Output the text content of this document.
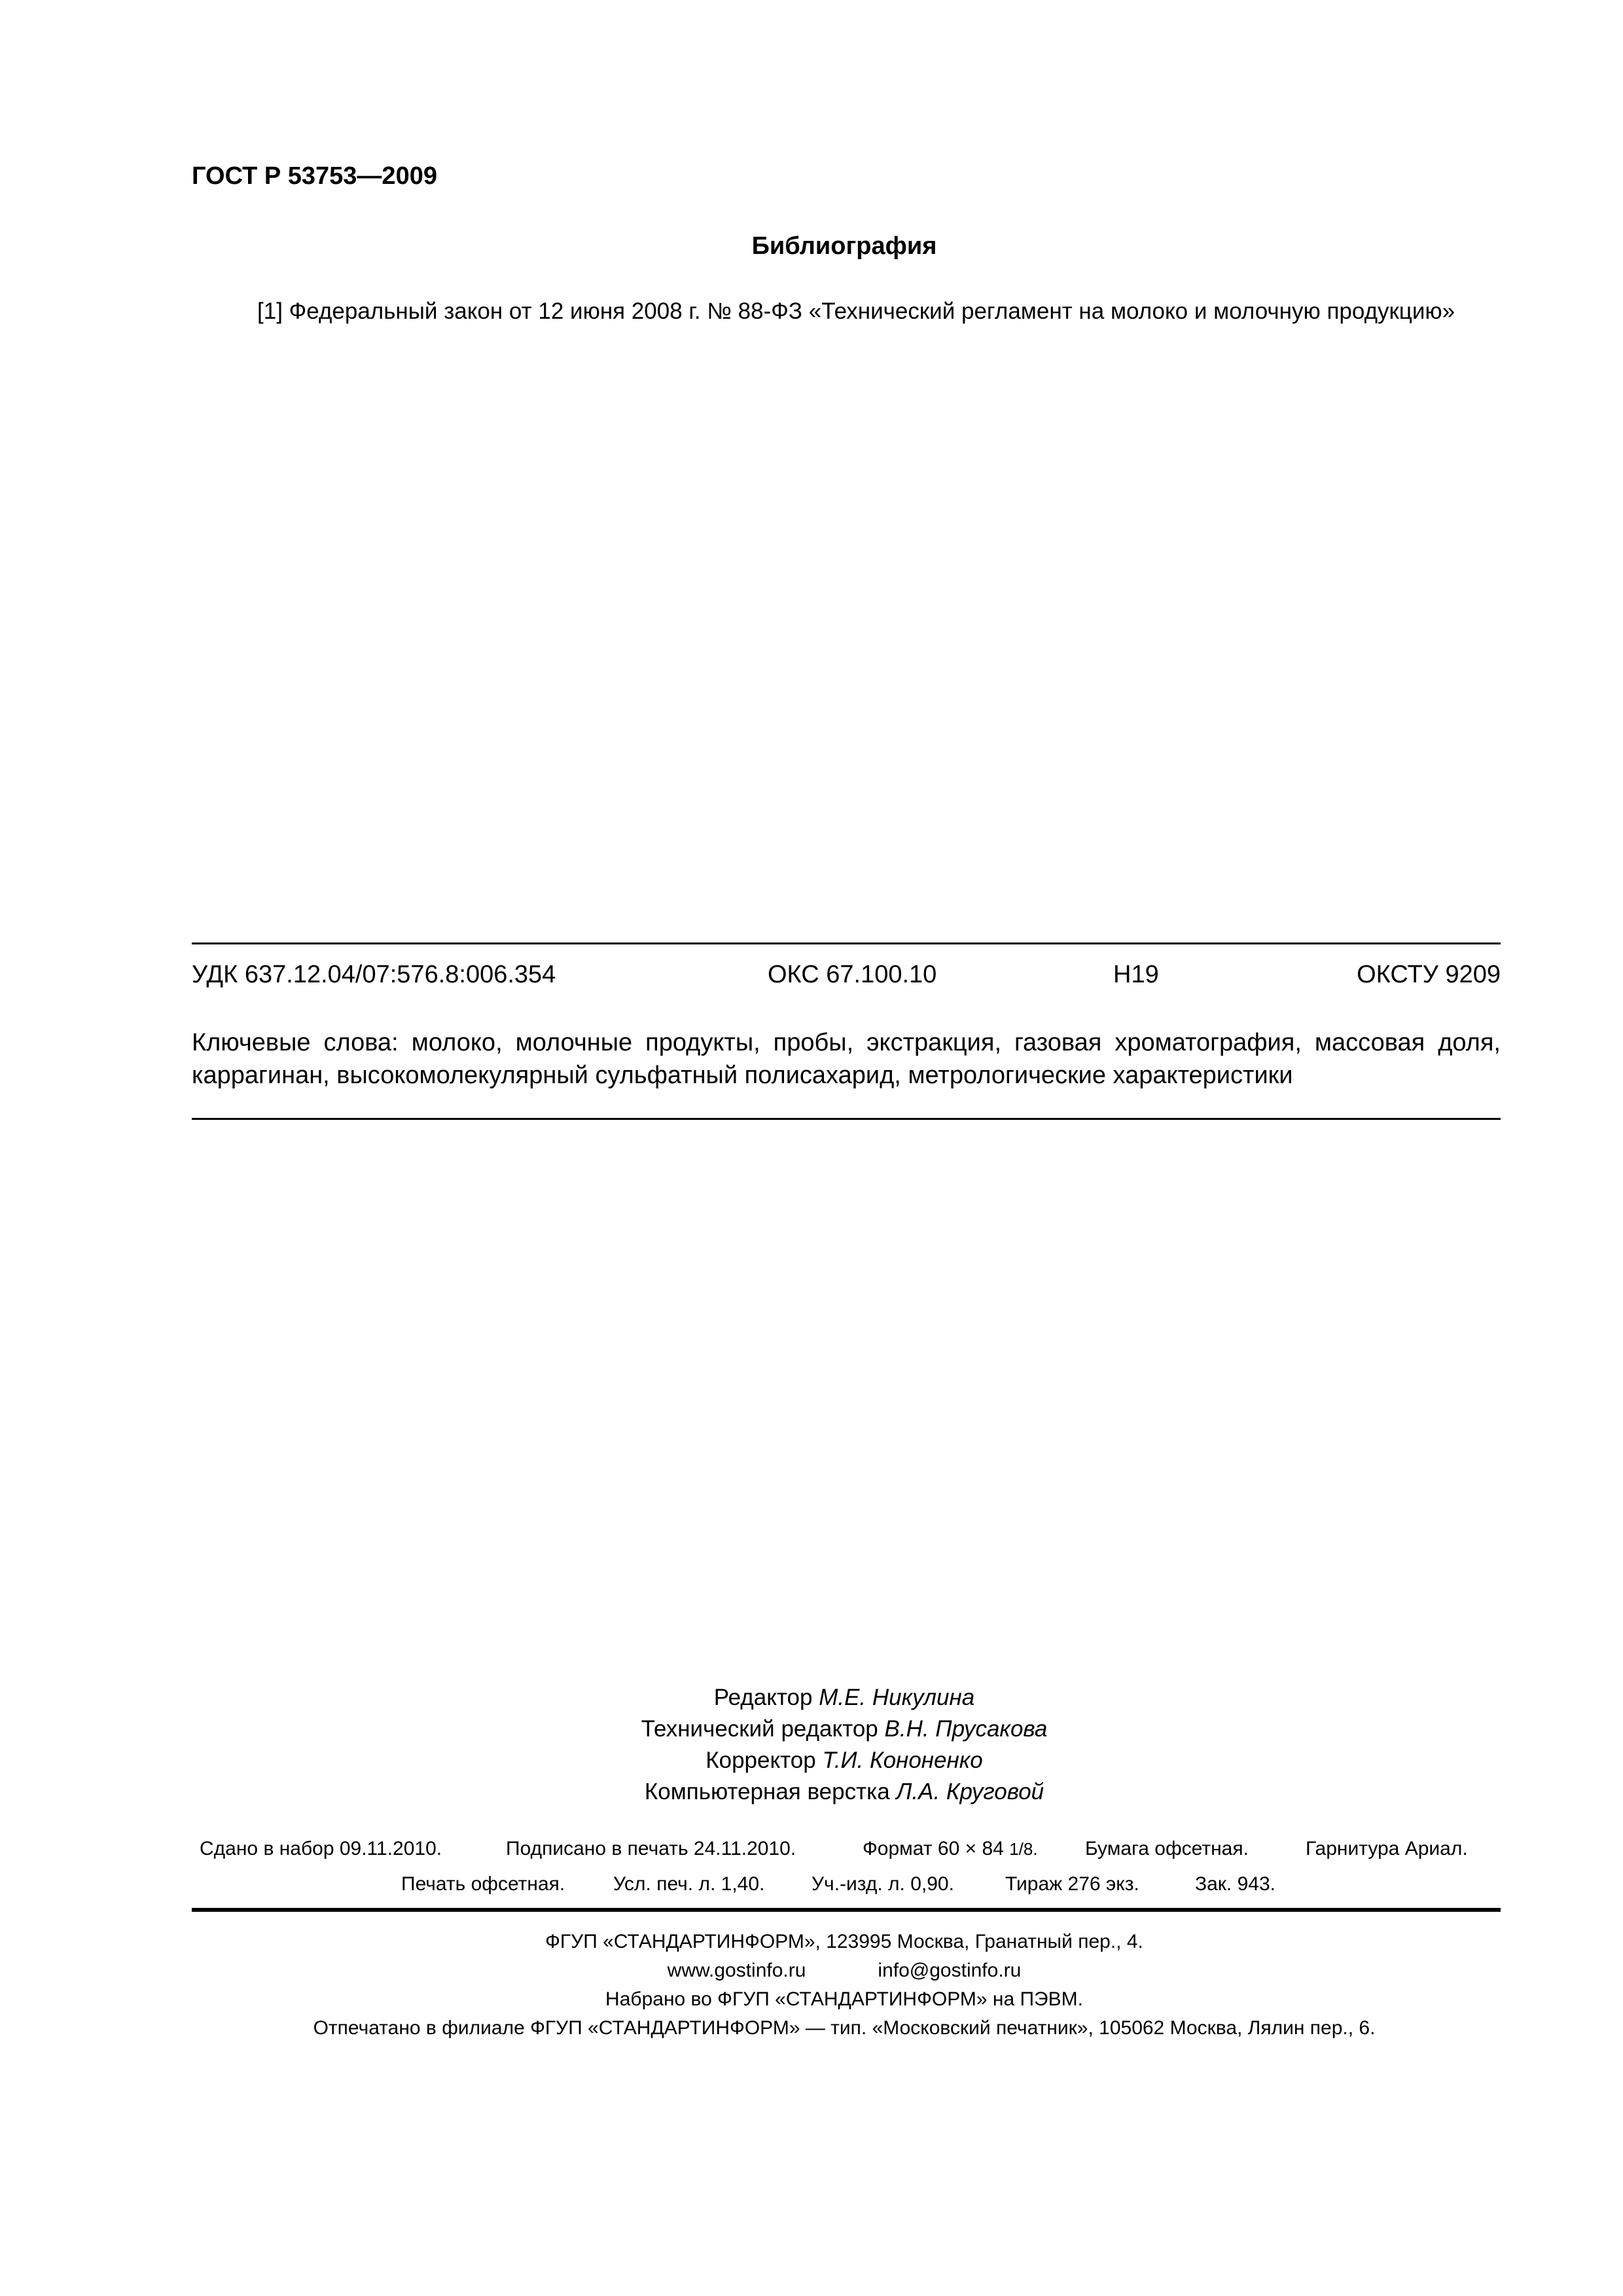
ГОСТ Р 53753—2009
Библиография
[1] Федеральный закон от 12 июня 2008 г. № 88-ФЗ «Технический регламент на молоко и молочную продукцию»
УДК 637.12.04/07:576.8:006.354	ОКС 67.100.10	Н19	ОКСТУ 9209
Ключевые слова: молоко, молочные продукты, пробы, экстракция, газовая хроматография, массовая доля, каррагинан, высокомолекулярный сульфатный полисахарид, метрологические характеристики
Редактор М.Е. Никулина
Технический редактор В.Н. Прусакова
Корректор Т.И. Кононенко
Компьютерная верстка Л.А. Круговой
Сдано в набор 09.11.2010.	Подписано в печать 24.11.2010.	Формат 60 × 84 1/8. Бумага офсетная.	Гарнитура Ариал.
Печать офсетная. Усл. печ. л. 1,40. Уч.-изд. л. 0,90.	Тираж 276 экз.	Зак. 943.
ФГУП «СТАНДАРТИНФОРМ», 123995 Москва, Гранатный пер., 4.
www.gostinfo.ru	info@gostinfo.ru
Набрано во ФГУП «СТАНДАРТИНФОРМ» на ПЭВМ.
Отпечатано в филиале ФГУП «СТАНДАРТИНФОРМ» — тип. «Московский печатник», 105062 Москва, Лялин пер., 6.
